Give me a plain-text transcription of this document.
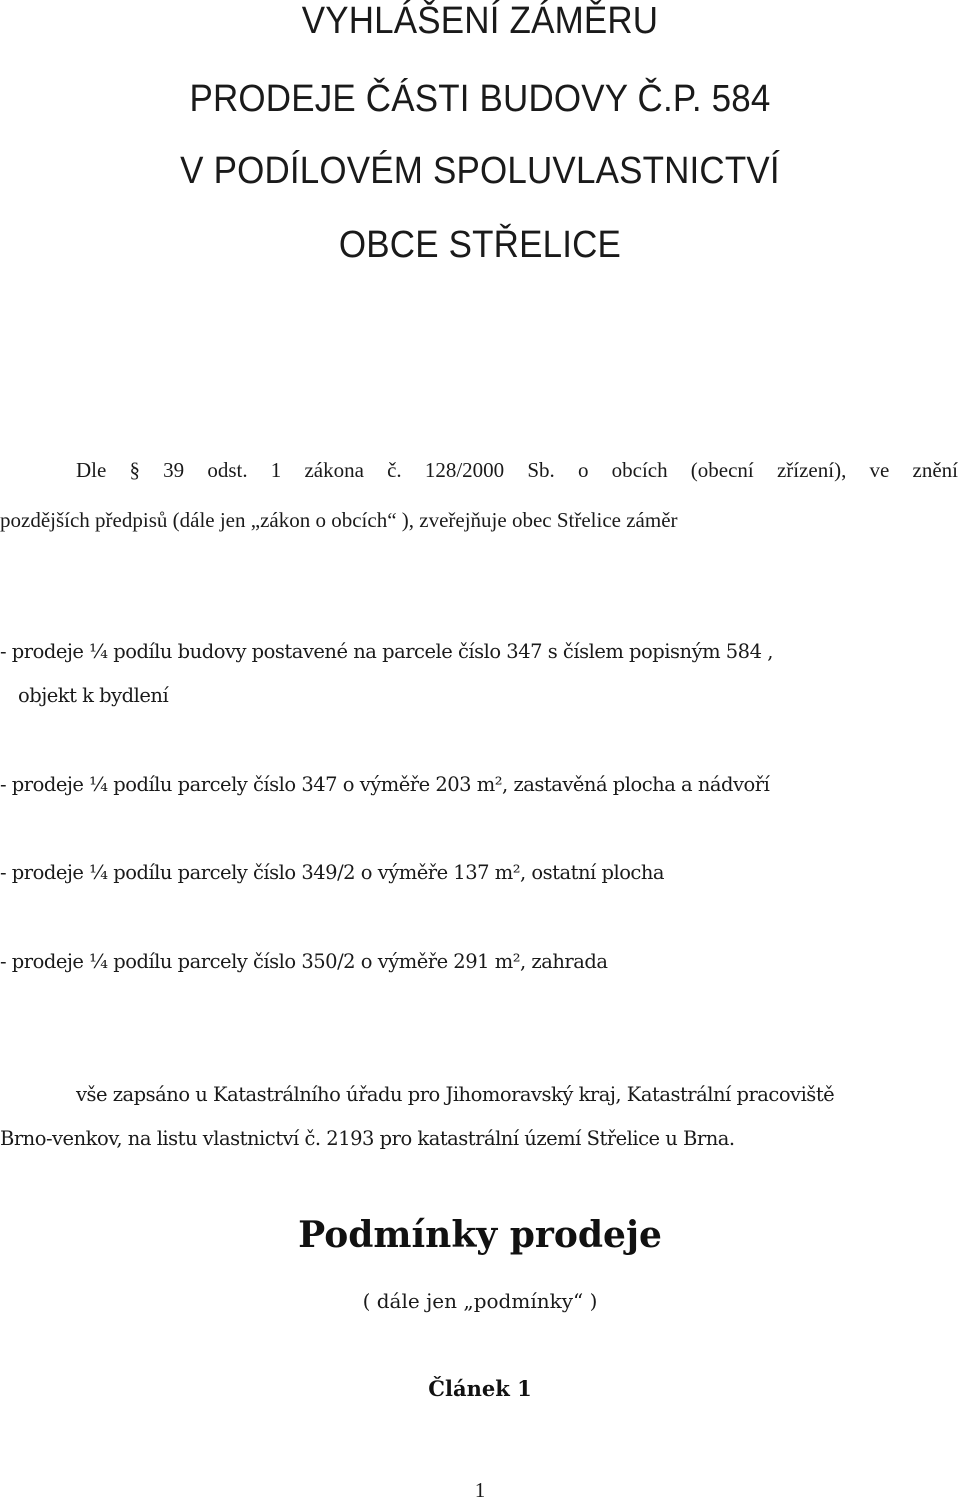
VYHLÁŠENÍ ZÁMĚRU
PRODEJE ČÁSTI BUDOVY Č.P. 584
V PODÍLOVÉM SPOLUVLASTNICTVÍ
OBCE STŘELICE
Dle § 39 odst. 1 zákona č. 128/2000 Sb. o obcích (obecní zřízení), ve znění
pozdějších předpisů (dále jen „zákon o obcích“ ), zveřejňuje obec Střelice záměr
- prodeje ¼ podílu budovy postavené na parcele číslo 347 s číslem popisným 584 ,
objekt k bydlení
- prodeje ¼ podílu parcely číslo 347 o výměře 203 m², zastavěná plocha a nádvoří
- prodeje ¼ podílu parcely číslo 349/2 o výměře 137 m², ostatní plocha
- prodeje ¼ podílu parcely číslo 350/2 o výměře 291 m², zahrada
vše zapsáno u Katastrálního úřadu pro Jihomoravský kraj, Katastrální pracoviště
Brno-venkov, na listu vlastnictví č. 2193 pro katastrální území Střelice u Brna.
Podmínky prodeje
( dále jen „podmínky“ )
Článek 1
1
